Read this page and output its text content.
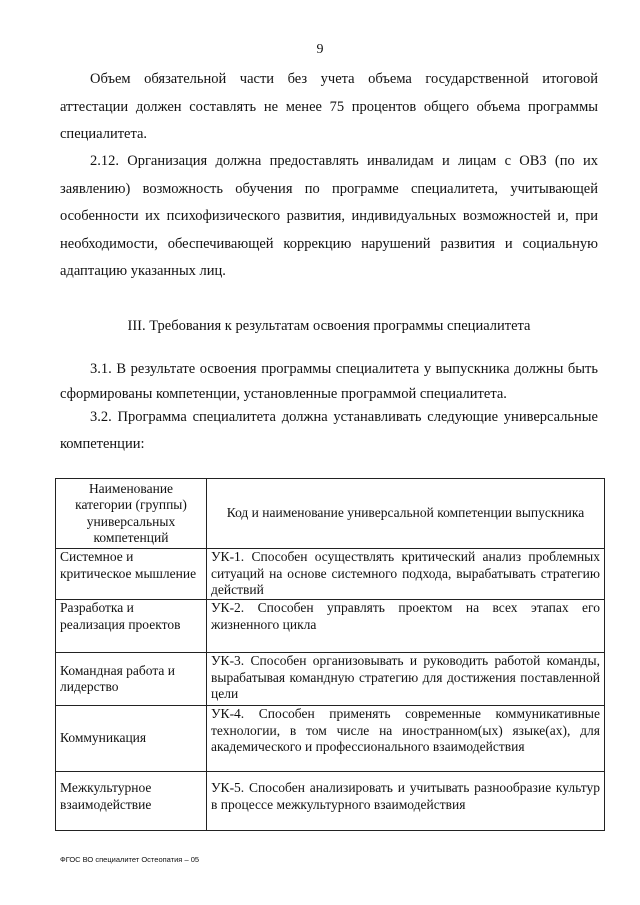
9

Объем обязательной части без учета объема государственной итоговой аттестации должен составлять не менее 75 процентов общего объема программы специалитета.

2.12. Организация должна предоставлять инвалидам и лицам с ОВЗ (по их заявлению) возможность обучения по программе специалитета, учитывающей особенности их психофизического развития, индивидуальных возможностей и, при необходимости, обеспечивающей коррекцию нарушений развития и социальную адаптацию указанных лиц.

III. Требования к результатам освоения программы специалитета

3.1. В результате освоения программы специалитета у выпускника должны быть сформированы компетенции, установленные программой специалитета.

3.2. Программа специалитета должна устанавливать следующие универсальные компетенции:

Наименование категории (группы) универсальных компетенций	Код и наименование универсальной компетенции выпускника
Системное и критическое мышление	УК-1. Способен осуществлять критический анализ проблемных ситуаций на основе системного подхода, вырабатывать стратегию действий
Разработка и реализация проектов	УК-2. Способен управлять проектом на всех этапах его жизненного цикла
Командная работа и лидерство	УК-3. Способен организовывать и руководить работой команды, вырабатывая командную стратегию для достижения поставленной цели
Коммуникация	УК-4. Способен применять современные коммуникативные технологии, в том числе на иностранном(ых) языке(ах), для академического и профессионального взаимодействия
Межкультурное взаимодействие	УК-5. Способен анализировать и учитывать разнообразие культур в процессе межкультурного взаимодействия
ФГОС ВО специалитет Остеопатия – 05
